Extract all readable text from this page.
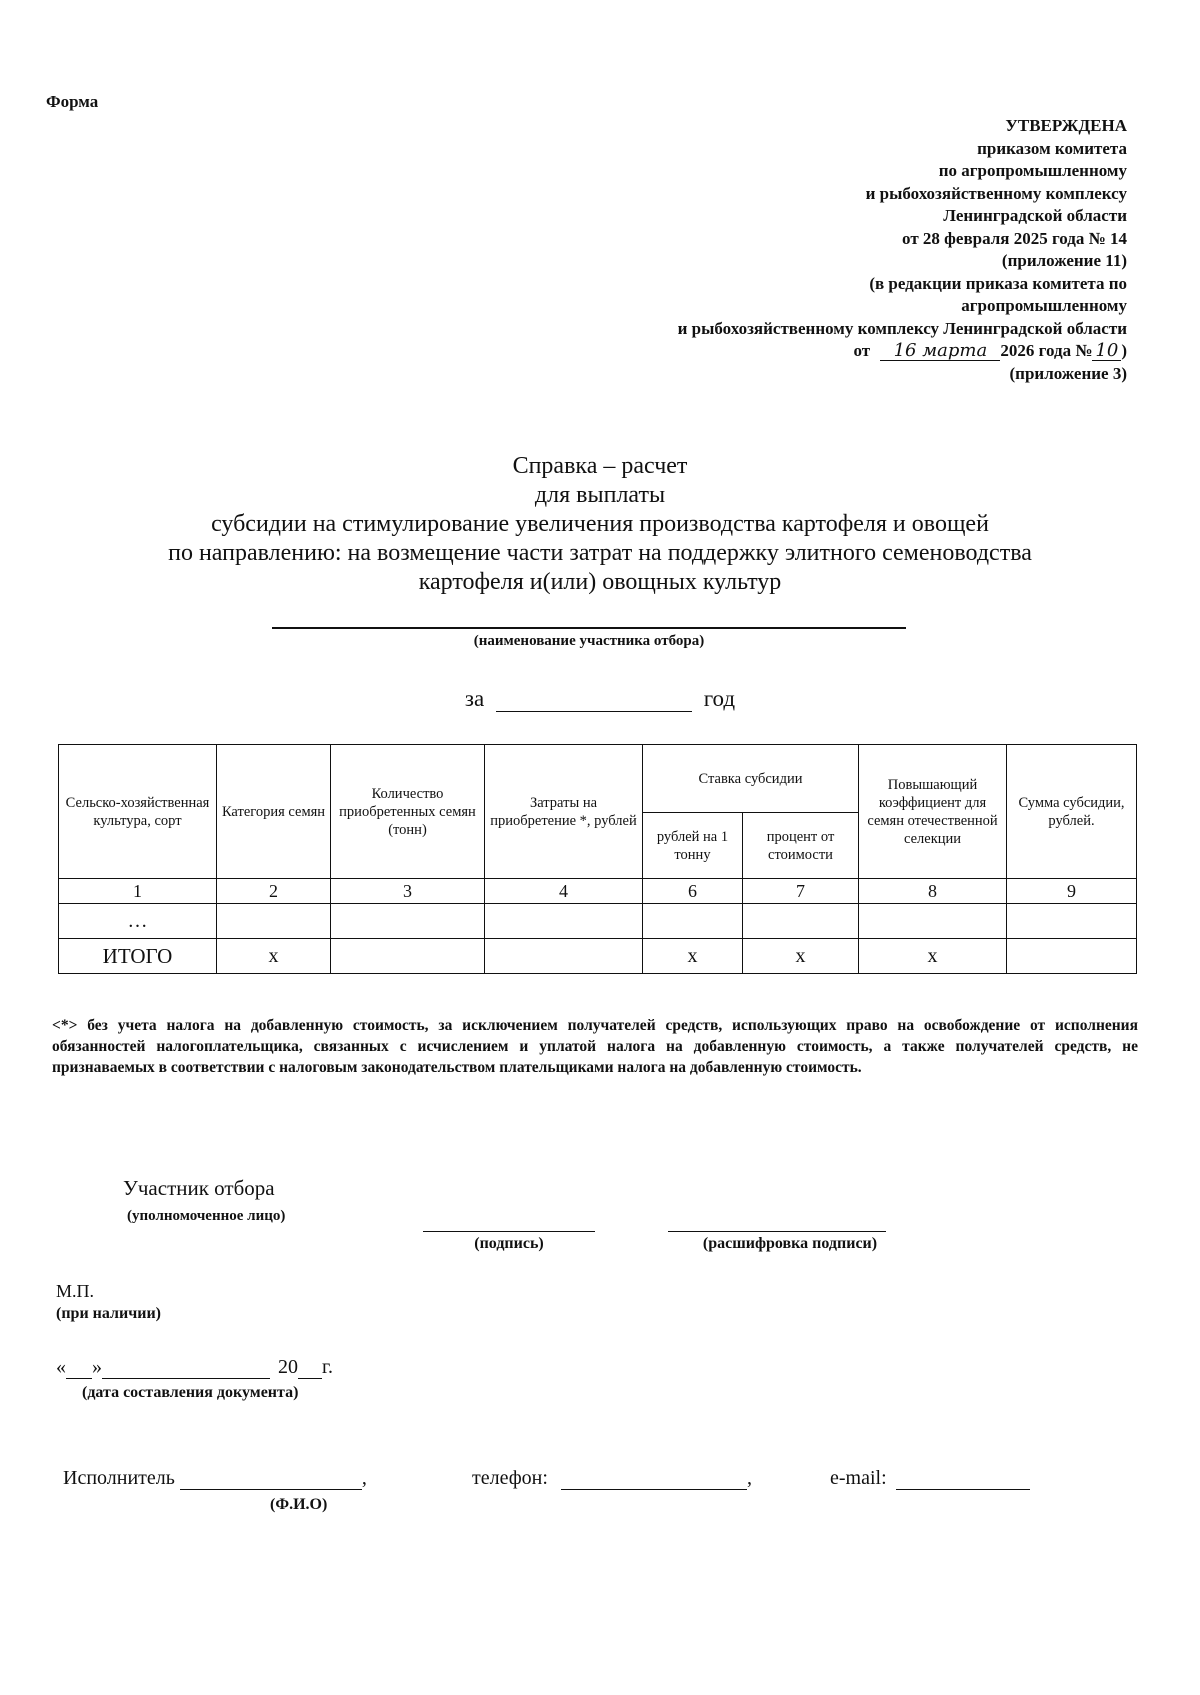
Форма
УТВЕРЖДЕНА
приказом комитета
по агропромышленному
и рыбохозяйственному комплексу
Ленинградской области
от 28 февраля 2025 года № 14
(приложение 11)
(в редакции приказа комитета по
агропромышленному
и рыбохозяйственному комплексу Ленинградской области
от 16 марта 2026 года № 10 )
(приложение 3)
Справка – расчет
для выплаты
субсидии на стимулирование увеличения производства картофеля и овощей
по направлению: на возмещение части затрат на поддержку элитного семеноводства
картофеля и(или) овощных культур
(наименование участника отбора)
за	год
Сельско-хозяйственная культура, сорт	Категория семян	Количество приобретенных семян (тонн)	Затраты на приобретение *, рублей	Ставка субсидии		Повышающий коэффициент для семян отечественной селекции	Сумма субсидии, рублей.
				рублей на 1 тонну	процент от стоимости		
1	2	3	4	6	7	8	9
…							
ИТОГО	х			х	х	х	
<*> без учета налога на добавленную стоимость, за исключением получателей средств, использующих право на освобождение от исполнения обязанностей налогоплательщика, связанных с исчислением и уплатой налога на добавленную стоимость, а также получателей средств, не признаваемых в соответствии с налоговым законодательством плательщиками налога на добавленную стоимость.
Участник отбора
(уполномоченное лицо)
(подпись)	(расшифровка подписи)
М.П.
(при наличии)
« »	20 г.
(дата составления документа)
Исполнитель	,
(Ф.И.О)
телефон:	,	e-mail:
